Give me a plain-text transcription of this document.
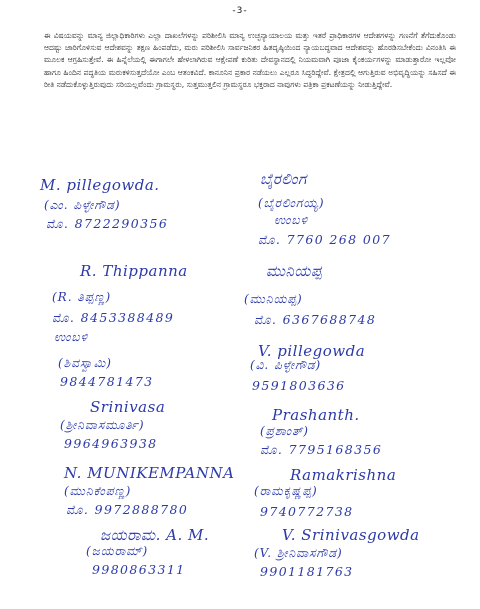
-3-

ಈ ವಿಷಯವನ್ನು ಮಾನ್ಯ ಜಿಲ್ಲಾಧಿಕಾರಿಗಳು ಎಲ್ಲಾ ದಾಖಲೆಗಳನ್ನು ಪರಿಶೀಲಿಸಿ ಮಾನ್ಯ ಉಚ್ಛನ್ಯಾಯಾಲಯ ಮತ್ತು ಇತರೆ ಪ್ರಾಧಿಕಾರಗಳ ಆದೇಶಗಳನ್ನು ಗಣನೆಗೆ ತೆಗೆದುಕೊಂಡು ಆದಷ್ಟು ಜಾರಿಗೊಳಿಸುವ ಆದೇಶವನ್ನು ತಕ್ಷಣ ಹಿಂಪಡೆದು, ಮರು ಪರಿಶೀಲಿಸಿ ಸಾರ್ವಜನಿಕರ ಹಿತದೃಷ್ಠಿಯಿಂದ ನ್ಯಾಯಬದ್ಧವಾದ ಆದೇಶವನ್ನು ಹೊರಡಿಸಬೇಕೆಂದು ವಿನಂತಿಸಿ ಈ ಮೂಲಕ ಆಗ್ರಹಿಸುತ್ತೇವೆ. ಈ ಹಿನ್ನೆಲೆಯಲ್ಲಿ ಈಗಾಗಲೇ ಹೇಳಲಾಗಿರುವ ಆಕ್ಷೇಪಣೆ ಕುರಿತು ದೇವಸ್ಥಾನದಲ್ಲಿ ನಿಯಮವಾಗಿ ಪೂಜಾ ಕೈಂಕರ್ಯಗಳನ್ನು ಮಾಡುತ್ತಾರೋ ಇಲ್ಲವೋ ಹಾಗೂ ಹಿಂದಿನ ಪದ್ಧತಿಯ ಮರುಕಳಿಸುತ್ತದೆಯೋ ಎಂಬ ಆತಂಕವಿದೆ. ಕಾನೂನಿನ ಪ್ರಕಾರ ನಡೆಯಲು ಎಲ್ಲರೂ ಸಿದ್ಧರಿದ್ದೇವೆ. ಕ್ಷೇತ್ರದಲ್ಲಿ ಆಗುತ್ತಿರುವ ಅಭಿವೃದ್ಧಿಯನ್ನು ಸಹಿಸದೆ ಈ ರೀತಿ ನಡೆದುಕೊಳ್ಳುತ್ತಿರುವುದು ಸರಿಯಲ್ಲವೆಂದು ಗ್ರಾಮಸ್ಥರು, ಸುತ್ತಮುತ್ತಲಿನ ಗ್ರಾಮಸ್ಥರೂ ಭಕ್ತರಾದ ನಾವುಗಳು ಪತ್ರಿಕಾ ಪ್ರಕಟಣೆಯನ್ನು ನೀಡುತ್ತಿದ್ದೇವೆ.

M. pillegowda.
(ಎಂ. ಪಿಳ್ಳೇಗೌಡ)
ಮೊ. 8722290356
ಬೈರಲಿಂಗ
(ಬೈರಲಿಂಗಯ್ಯ)
ಉಂಬಳಿ
ಮೊ. 7760 268 007
R. Thippanna
(R. ತಿಪ್ಪಣ್ಣ)
ಮೊ. 8453388489
ಉಂಬಳಿ
ಮುನಿಯಪ್ಪ
(ಮುನಿಯಪ್ಪ)
ಮೊ. 6367688748
(ಶಿವಸ್ವಾಮಿ)
9844781473
V. pillegowda
(ವಿ. ಪಿಳ್ಳೇಗೌಡ)
9591803636
Srinivasa
(ಶ್ರೀನಿವಾಸಮೂರ್ತಿ)
9964963938
Prashanth.
(ಪ್ರಶಾಂತ್)
ಮೊ. 7795168356
N. MUNIKEMPANNA
(ಮುನಿಕೆಂಪಣ್ಣ)
ಮೊ. 9972888780
Ramakrishna
(ರಾಮಕೃಷ್ಣಪ್ಪ)
9740772738
ಜಯರಾಮ. A. M.
(ಜಯರಾಮ್)
9980863311
V. Srinivasgowda
(V. ಶ್ರೀನಿವಾಸಗೌಡ)
9901181763
